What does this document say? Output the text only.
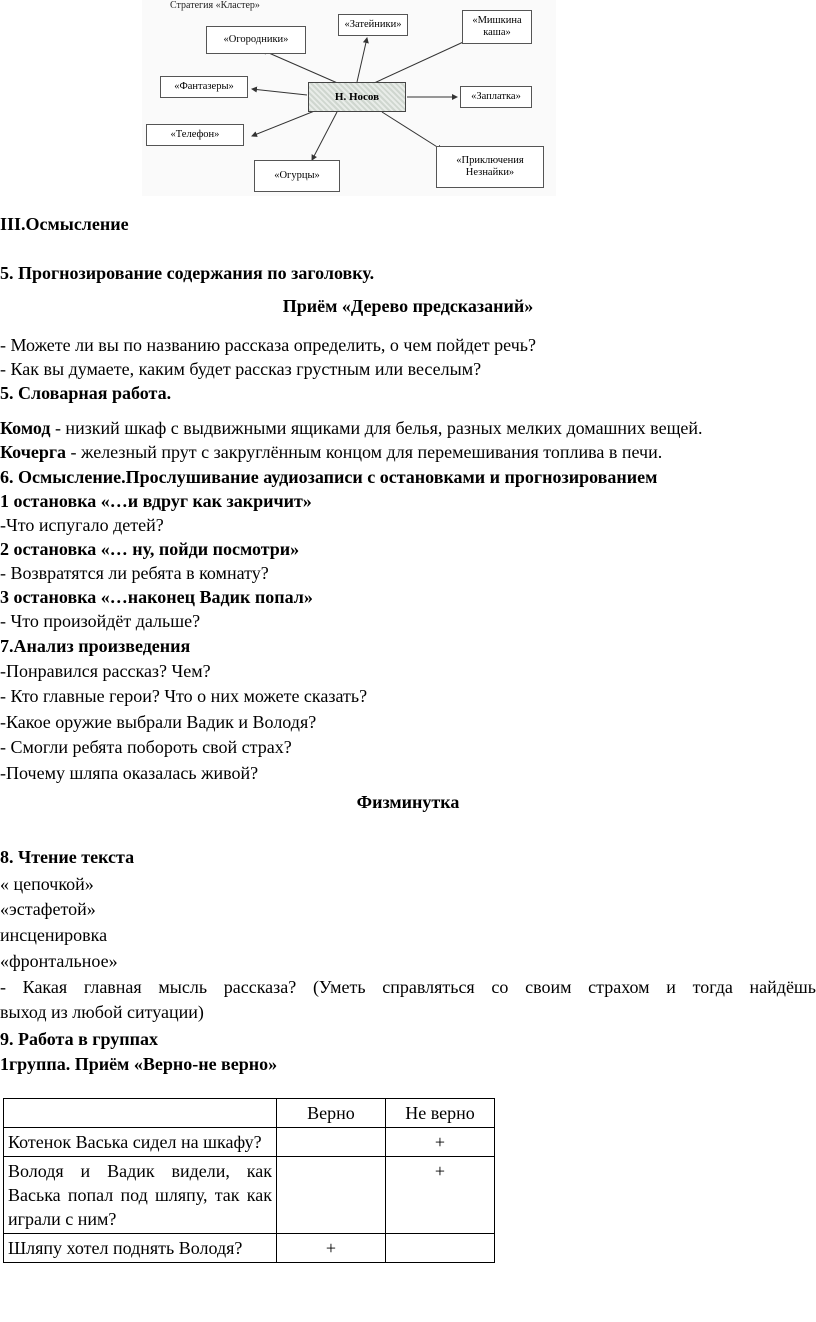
Стратегия «Кластер»
«Огородники»
«Затейники»	«Мишкина каша»
«Фантазеры»
Н. Носов	«Заплатка»
«Телефон»
«Огурцы»
«Приключения Незнайки»
III.Осмысление
5. Прогнозирование содержания по заголовку.
Приём «Дерево предсказаний»
- Можете ли вы по названию рассказа определить, о чем пойдет речь?
- Как вы думаете, каким будет рассказ грустным или веселым?
5. Словарная работа.
Комод - низкий шкаф с выдвижными ящиками для белья, разных мелких домашних вещей.
Кочерга - железный прут с закруглённым концом для перемешивания топлива в печи.
6. Осмысление.Прослушивание аудиозаписи с остановками и прогнозированием
1 остановка «…и вдруг как закричит»
-Что испугало детей?
2 остановка «… ну, пойди посмотри»
- Возвратятся ли ребята в комнату?
3 остановка «…наконец Вадик попал»
- Что произойдёт дальше?
7.Анализ произведения
-Понравился рассказ? Чем?
- Кто главные герои? Что о них можете сказать?
-Какое оружие выбрали Вадик и Володя?
- Смогли ребята побороть свой страх?
-Почему шляпа оказалась живой?
Физминутка
8. Чтение текста
« цепочкой»
«эстафетой»
инсценировка
«фронтальное»
- Какая главная мысль рассказа? (Уметь справляться со своим страхом и тогда найдёшь
выход из любой ситуации)
9. Работа в группах
1группа. Приём «Верно-не верно»
	Верно	Не верно
Котенок Васька сидел на шкафу?		+
Володя и Вадик видели, как Васька попал под шляпу, так как играли с ним?		+
Шляпу хотел поднять Володя?	+	
